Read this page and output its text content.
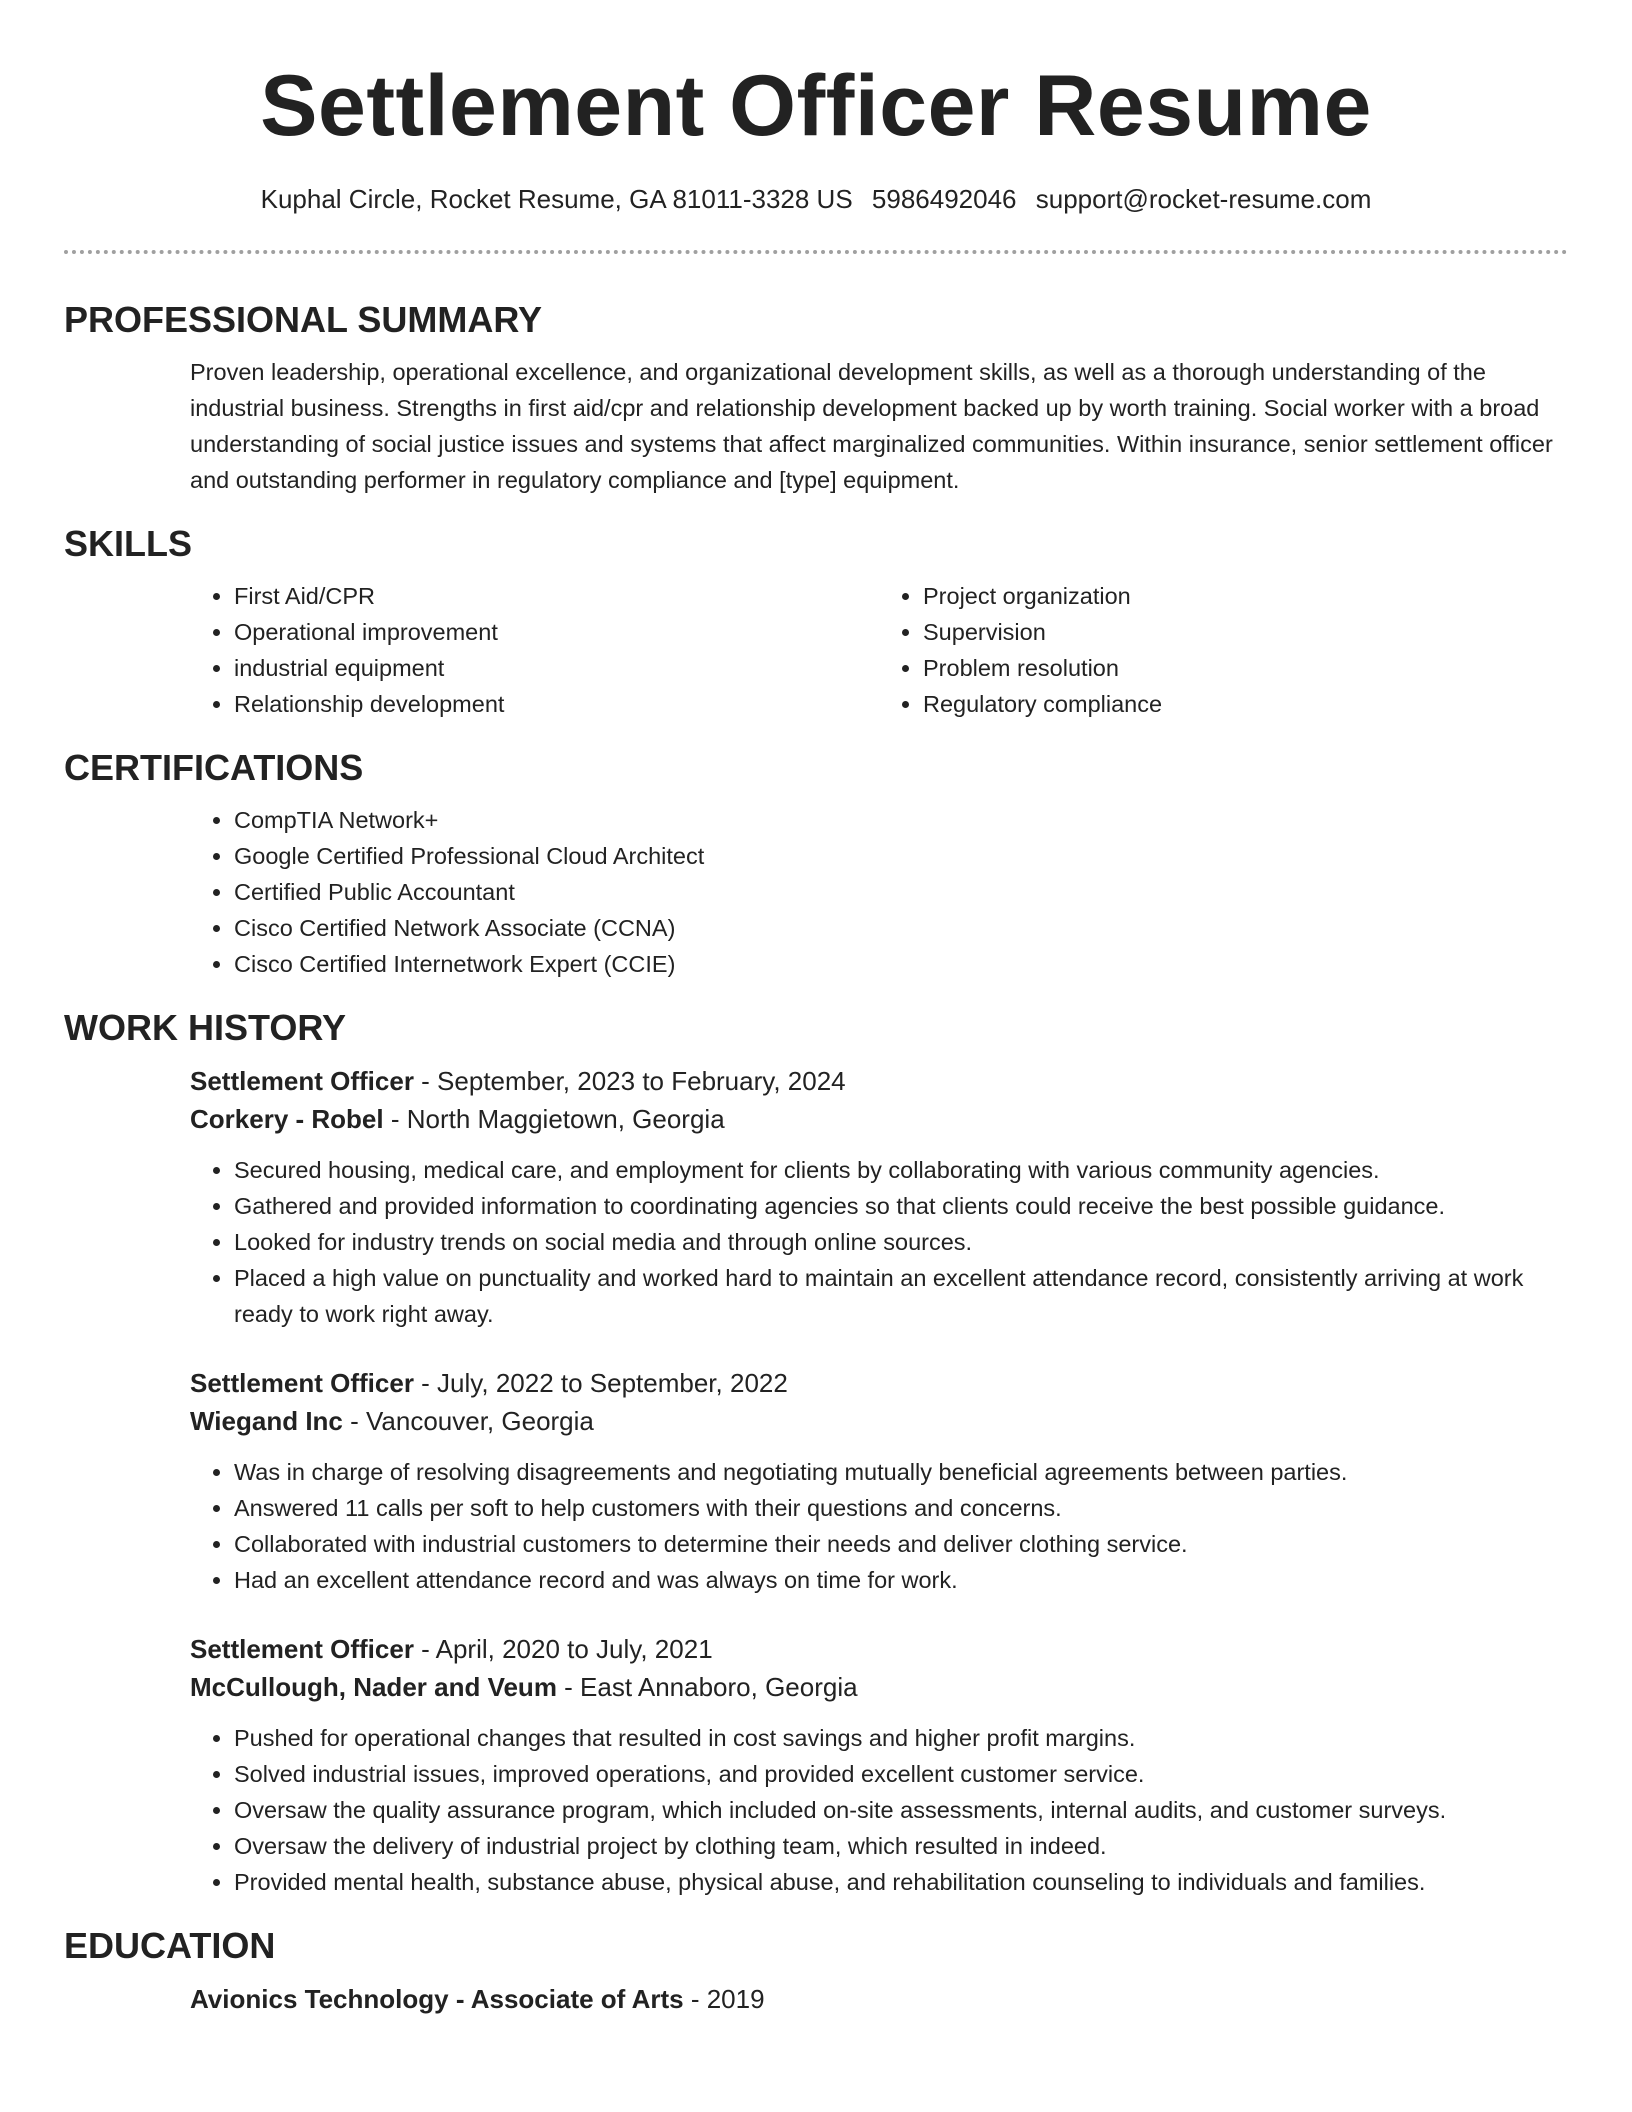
Settlement Officer Resume
Kuphal Circle, Rocket Resume, GA 81011-3328 US 5986492046 support@rocket-resume.com
PROFESSIONAL SUMMARY

Proven leadership, operational excellence, and organizational development skills, as well as a thorough understanding of the industrial business. Strengths in first aid/cpr and relationship development backed up by worth training. Social worker with a broad understanding of social justice issues and systems that affect marginalized communities. Within insurance, senior settlement officer and outstanding performer in regulatory compliance and [type] equipment.

SKILLS
• First Aid/CPR
• Operational improvement
• industrial equipment
• Relationship development
• Project organization
• Supervision
• Problem resolution
• Regulatory compliance
CERTIFICATIONS
• CompTIA Network+
• Google Certified Professional Cloud Architect
• Certified Public Accountant
• Cisco Certified Network Associate (CCNA)
• Cisco Certified Internetwork Expert (CCIE)
WORK HISTORY
Settlement Officer - September, 2023 to February, 2024
Corkery - Robel - North Maggietown, Georgia
• Secured housing, medical care, and employment for clients by collaborating with various community agencies.
• Gathered and provided information to coordinating agencies so that clients could receive the best possible guidance.
• Looked for industry trends on social media and through online sources.
• Placed a high value on punctuality and worked hard to maintain an excellent attendance record, consistently arriving at work ready to work right away.
Settlement Officer - July, 2022 to September, 2022
Wiegand Inc - Vancouver, Georgia
• Was in charge of resolving disagreements and negotiating mutually beneficial agreements between parties.
• Answered 11 calls per soft to help customers with their questions and concerns.
• Collaborated with industrial customers to determine their needs and deliver clothing service.
• Had an excellent attendance record and was always on time for work.
Settlement Officer - April, 2020 to July, 2021
McCullough, Nader and Veum - East Annaboro, Georgia
• Pushed for operational changes that resulted in cost savings and higher profit margins.
• Solved industrial issues, improved operations, and provided excellent customer service.
• Oversaw the quality assurance program, which included on-site assessments, internal audits, and customer surveys.
• Oversaw the delivery of industrial project by clothing team, which resulted in indeed.
• Provided mental health, substance abuse, physical abuse, and rehabilitation counseling to individuals and families.
EDUCATION
Avionics Technology - Associate of Arts - 2019
